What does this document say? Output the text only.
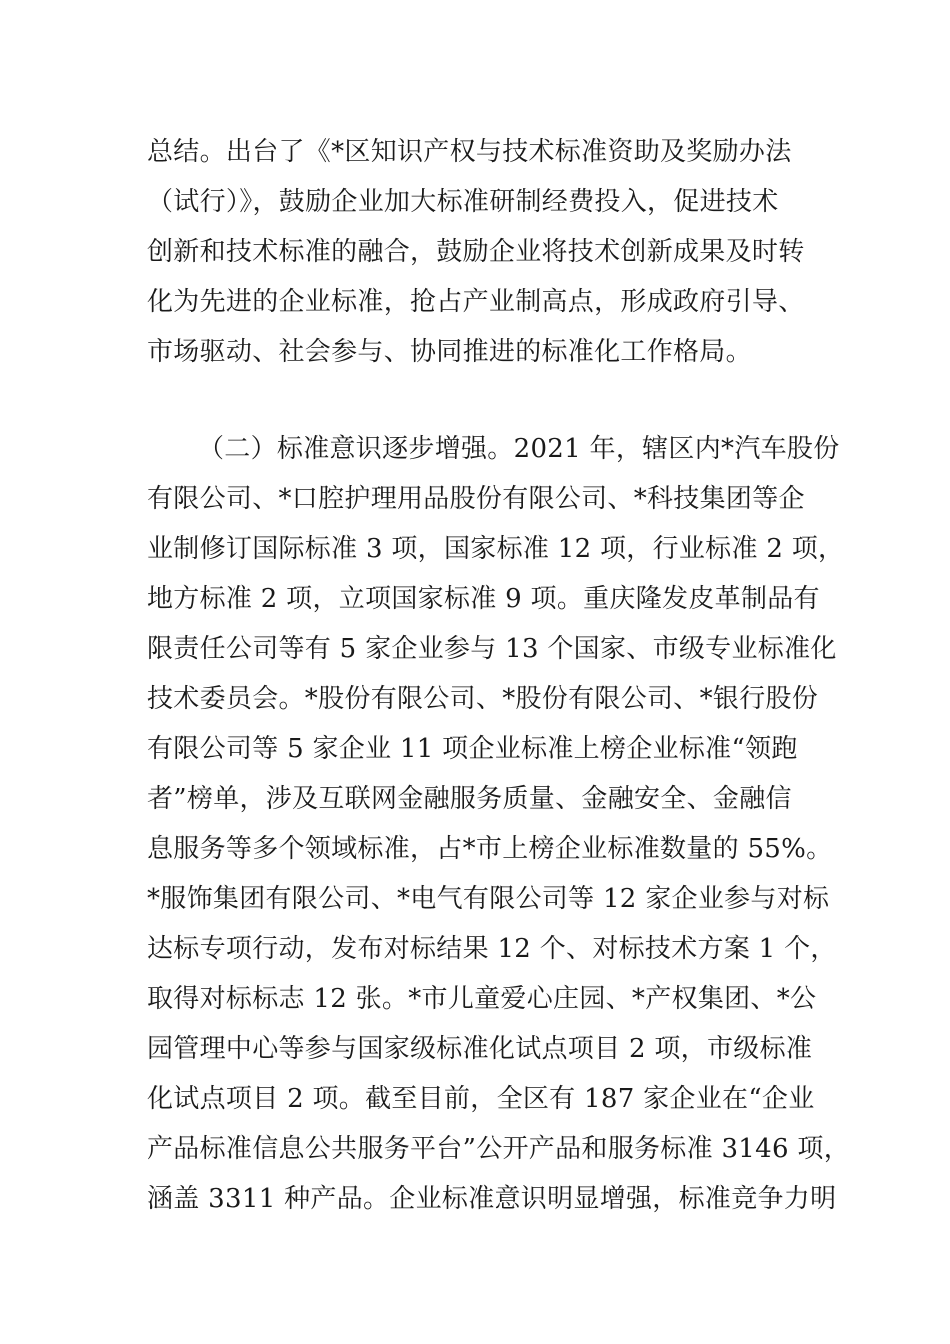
总结。出台了《*区知识产权与技术标准资助及奖励办法
（试行）》，鼓励企业加大标准研制经费投入，促进技术
创新和技术标准的融合，鼓励企业将技术创新成果及时转
化为先进的企业标准，抢占产业制高点，形成政府引导、
市场驱动、社会参与、协同推进的标准化工作格局。
（二）标准意识逐步增强。2021 年，辖区内*汽车股份
有限公司、*口腔护理用品股份有限公司、*科技集团等企
业制修订国际标准 3 项，国家标准 12 项，行业标准 2 项，
地方标准 2 项，立项国家标准 9 项。重庆隆发皮革制品有
限责任公司等有 5 家企业参与 13 个国家、市级专业标准化
技术委员会。*股份有限公司、*股份有限公司、*银行股份
有限公司等 5 家企业 11 项企业标准上榜企业标准“领跑
者”榜单，涉及互联网金融服务质量、金融安全、金融信
息服务等多个领域标准，占*市上榜企业标准数量的 55%。
*服饰集团有限公司、*电气有限公司等 12 家企业参与对标
达标专项行动，发布对标结果 12 个、对标技术方案 1 个，
取得对标标志 12 张。*市儿童爱心庄园、*产权集团、*公
园管理中心等参与国家级标准化试点项目 2 项，市级标准
化试点项目 2 项。截至目前，全区有 187 家企业在“企业
产品标准信息公共服务平台”公开产品和服务标准 3146 项，
涵盖 3311 种产品。企业标准意识明显增强，标准竞争力明
